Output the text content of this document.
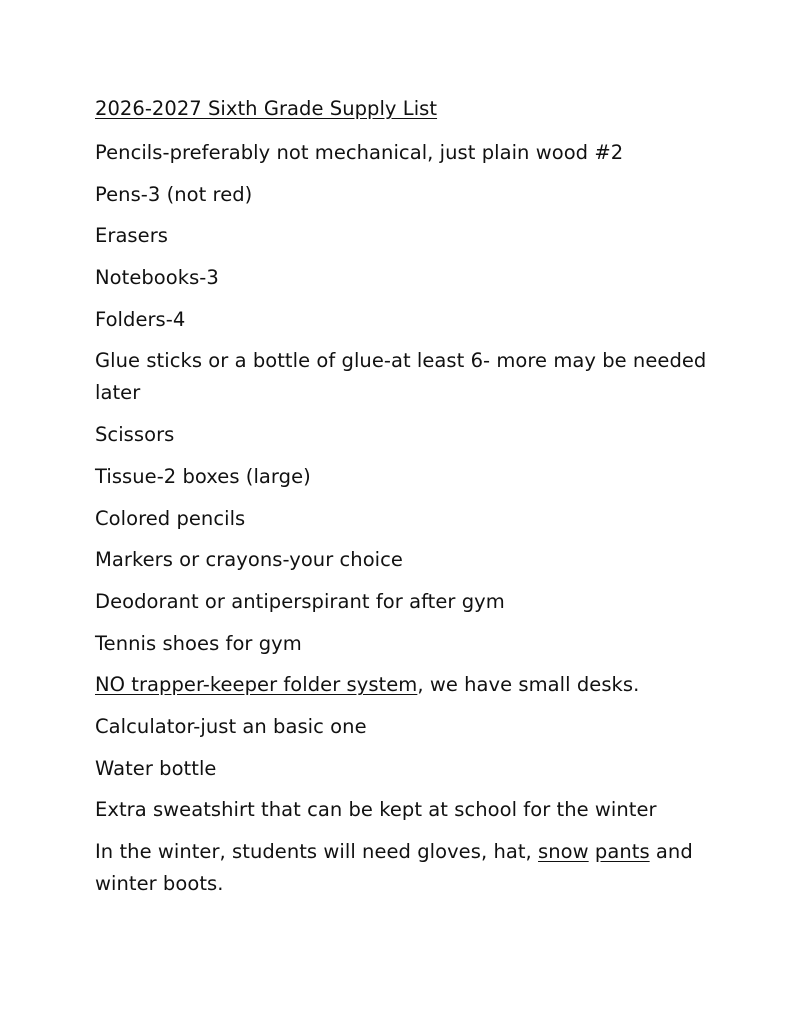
2026-2027 Sixth Grade Supply List
Pencils-preferably not mechanical, just plain wood #2
Pens-3 (not red)
Erasers
Notebooks-3
Folders-4
Glue sticks or a bottle of glue-at least 6- more may be needed later
Scissors
Tissue-2 boxes (large)
Colored pencils
Markers or crayons-your choice
Deodorant or antiperspirant for after gym
Tennis shoes for gym
NO trapper-keeper folder system, we have small desks.
Calculator-just an basic one
Water bottle
Extra sweatshirt that can be kept at school for the winter
In the winter, students will need gloves, hat, snow pants and winter boots.
